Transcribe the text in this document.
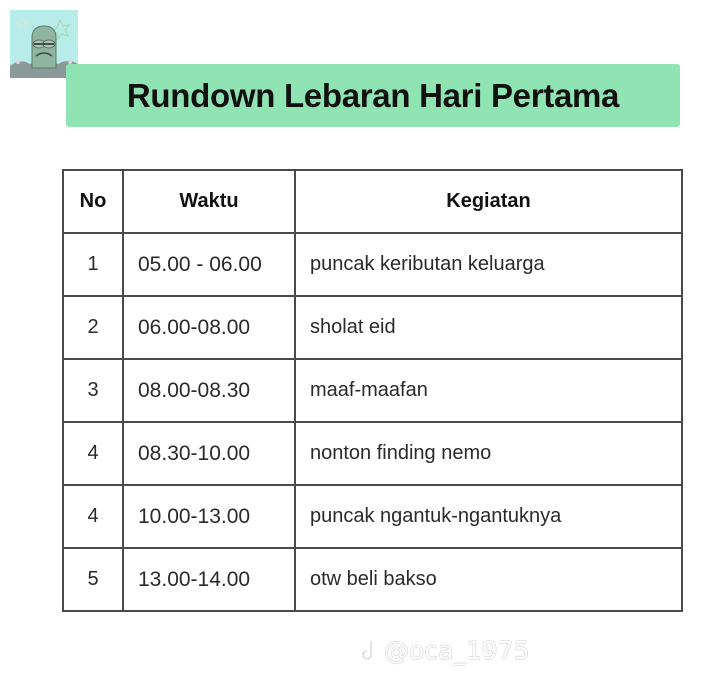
Rundown Lebaran Hari Pertama
No	Waktu	Kegiatan
1	05.00 - 06.00	puncak keributan keluarga
2	06.00-08.00	sholat eid
3	08.00-08.30	maaf-maafan
4	08.30-10.00	nonton finding nemo
4	10.00-13.00	puncak ngantuk-ngantuknya
5	13.00-14.00	otw beli bakso
@oca_1975
